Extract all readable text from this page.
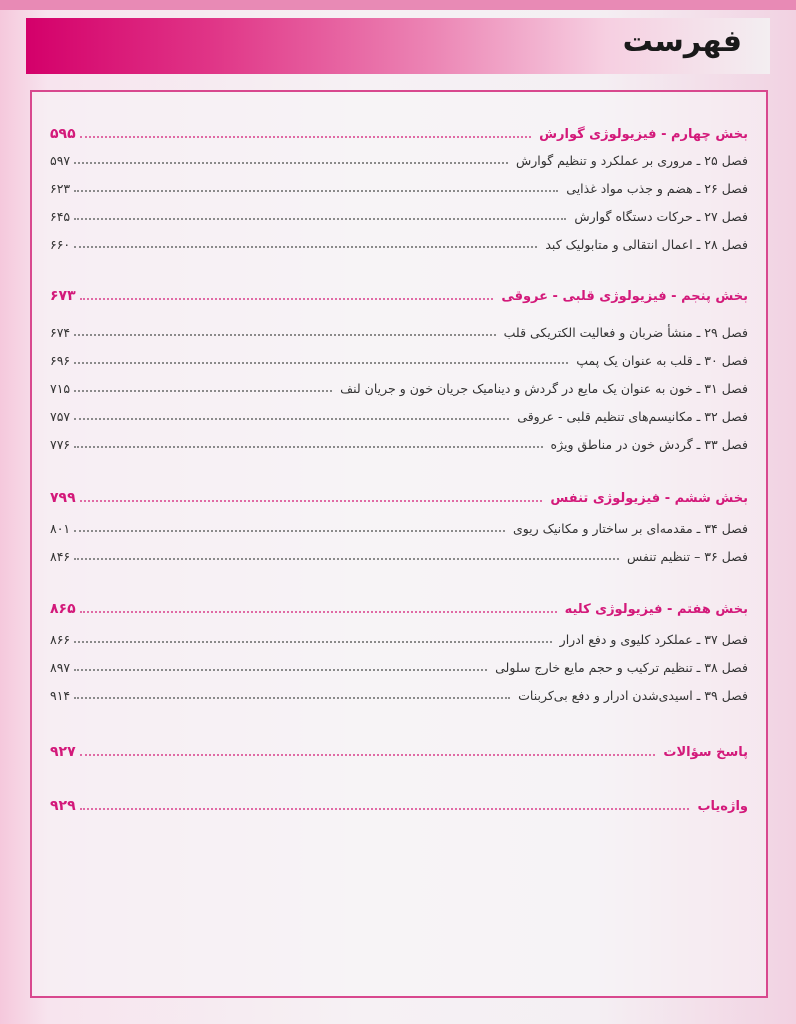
فهرست
بخش چهارم - فیزیولوژی گوارش
۵۹۵
فصل ۲۵ ـ مروری بر عملکرد و تنظیم گوارش
۵۹۷
فصل ۲۶ ـ هضم و جذب مواد غذایی
۶۲۳
فصل ۲۷ ـ حرکات دستگاه گوارش
۶۴۵
فصل ۲۸ ـ اعمال انتقالی و متابولیک کبد
۶۶۰
بخش پنجم - فیزیولوژی قلبی - عروقی
۶۷۳
فصل ۲۹ ـ منشأ ضربان و فعالیت الکتریکی قلب
۶۷۴
فصل ۳۰ ـ قلب به عنوان یک پمپ
۶۹۶
فصل ۳۱ ـ خون به عنوان یک مایع در گردش و دینامیک جریان خون و جریان لنف
۷۱۵
فصل ۳۲ ـ مکانیسم‌های تنظیم قلبی - عروقی
۷۵۷
فصل ۳۳ ـ گردش خون در مناطق ویژه
۷۷۶
بخش ششم - فیزیولوژی تنفس
۷۹۹
فصل ۳۴ ـ مقدمه‌ای بر ساختار و مکانیک ریوی
۸۰۱
فصل ۳۶ – تنظیم تنفس
۸۴۶
بخش هفتم - فیزیولوژی کلیه
۸۶۵
فصل ۳۷ ـ عملکرد کلیوی و دفع ادرار
۸۶۶
فصل ۳۸ ـ تنظیم ترکیب و حجم مایع خارج سلولی
۸۹۷
فصل ۳۹ ـ اسیدی‌شدن ادرار و دفع بی‌کربنات
۹۱۴
پاسخ سؤالات
۹۲۷
واژه‌یاب
۹۲۹
